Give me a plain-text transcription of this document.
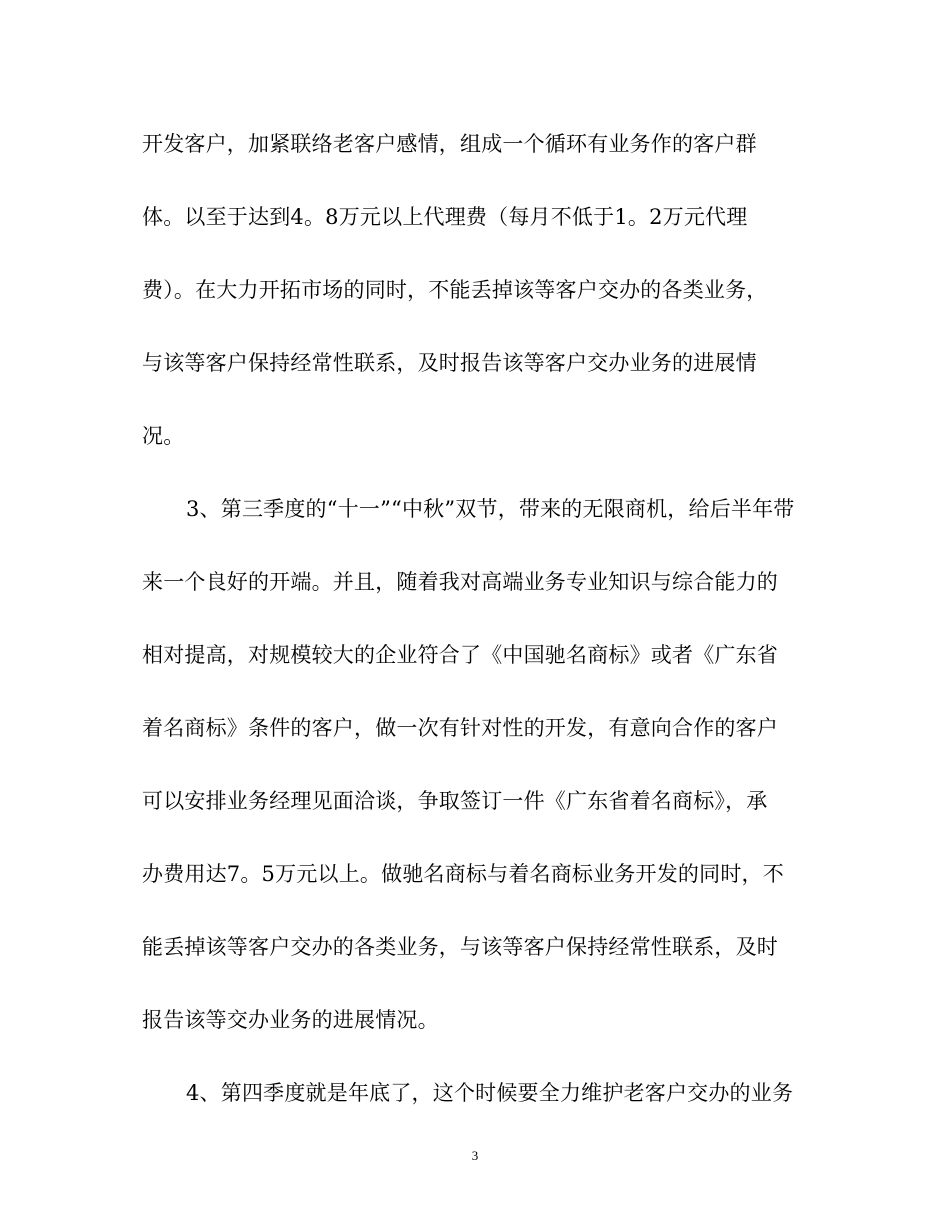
开发客户，加紧联络老客户感情，组成一个循环有业务作的客户群
体。以至于达到4。8万元以上代理费（每月不低于1。2万元代理
费）。在大力开拓市场的同时，不能丢掉该等客户交办的各类业务，
与该等客户保持经常性联系，及时报告该等客户交办业务的进展情
况。
3、第三季度的“十一”“中秋”双节，带来的无限商机，给后半年带
来一个良好的开端。并且，随着我对高端业务专业知识与综合能力的
相对提高，对规模较大的企业符合了《中国驰名商标》或者《广东省
着名商标》条件的客户，做一次有针对性的开发，有意向合作的客户
可以安排业务经理见面洽谈，争取签订一件《广东省着名商标》，承
办费用达7。5万元以上。做驰名商标与着名商标业务开发的同时，不
能丢掉该等客户交办的各类业务，与该等客户保持经常性联系，及时
报告该等交办业务的进展情况。
4、第四季度就是年底了，这个时候要全力维护老客户交办的业务
3
